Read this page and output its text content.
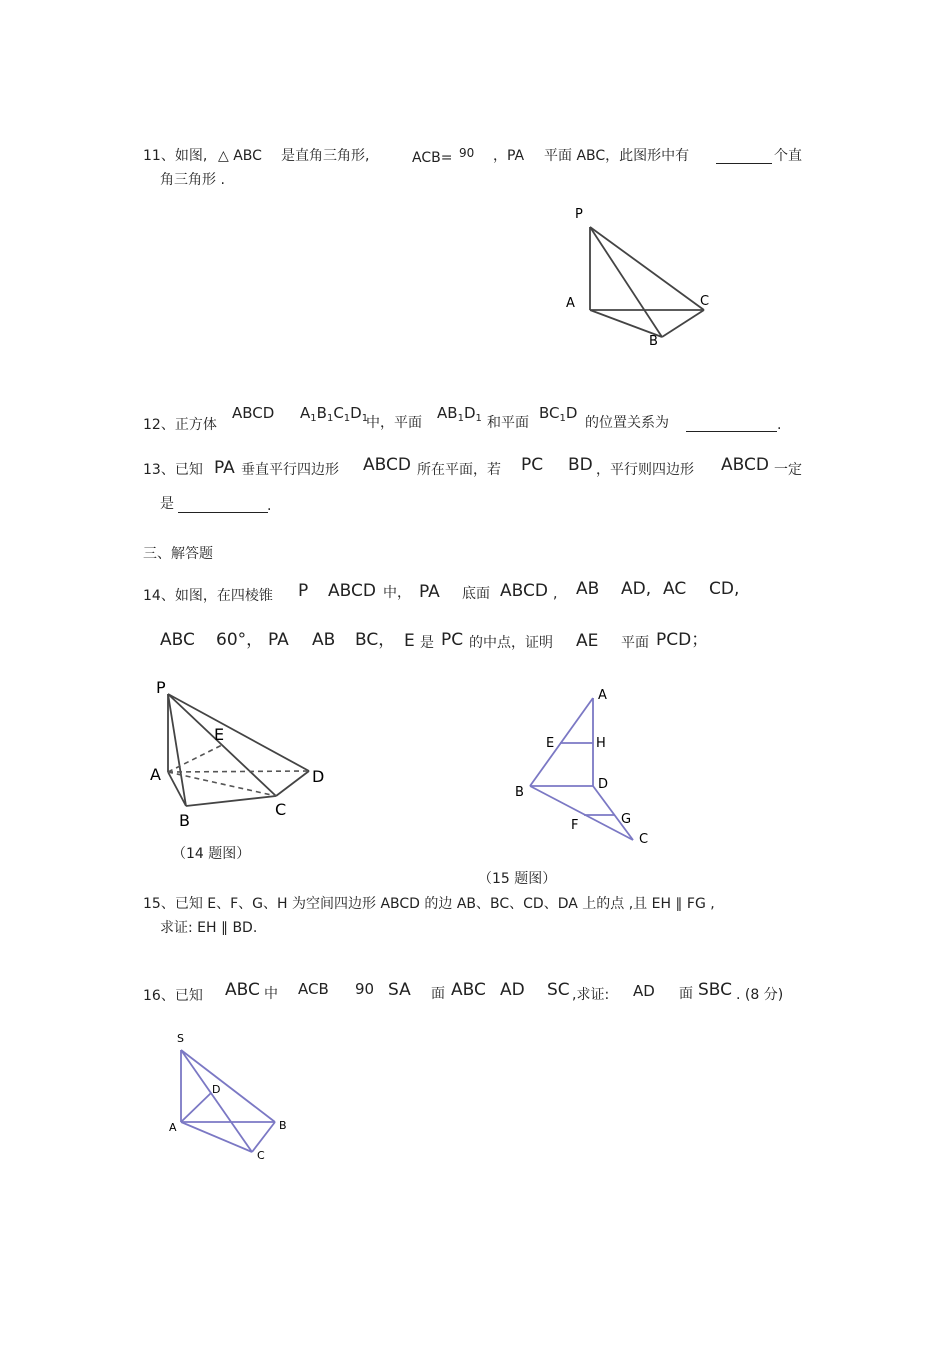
11、如图, △ ABC 是直角三角形,	ACB= 90 ，PA 平面 ABC，此图形中有	个直
角三角形 .
P
A	C
B
12、正方体
ABCD $A_1B_1C_1D_1$
中，平面
$AB_1D_1$ 和平面
$BC_1D$
的位置关系为	.
13、已知 PA 垂直平行四边形 ABCD 所在平面，若 PC BD ，平行则四边形 ABCD 一定
是	.
三、解答题
14、如图，在四棱锥 P ABCD 中， PA 底面 ABCD , AB AD, AC CD,
ABC 60°， PA AB BC， E 是 PC 的中点，证明 AE 平面 PCD；
P
E
A	D
B
C
（14 题图）
A
E	H
D
B
F	G
C
（15 题图）
15、已知 E、F、G、H 为空间四边形 ABCD 的边 AB、BC、CD、DA 上的点 ,且 EH ∥ FG ,
求证: EH ∥ BD.
16、已知 ABC 中 ACB 90 SA 面 ABC AD SC ,求证: AD 面 SBC . (8 分)
S
D
A	B
C
